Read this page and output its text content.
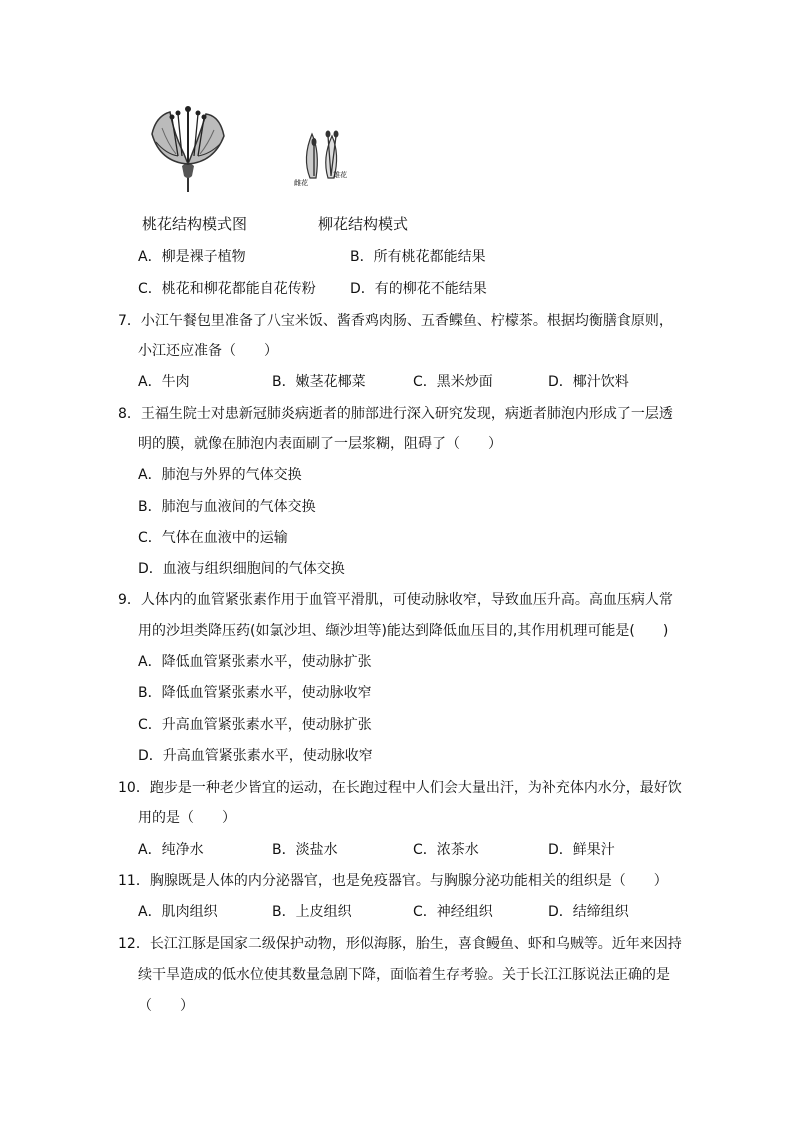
雌花
雄花
桃花结构模式图	柳花结构模式
A．柳是裸子植物	B．所有桃花都能结果
C．桃花和柳花都能自花传粉 D．有的柳花不能结果
7．小江午餐包里准备了八宝米饭、酱香鸡肉肠、五香鲽鱼、柠檬茶。根据均衡膳食原则，
小江还应准备（　　）
A．牛肉	B．嫩茎花椰菜	C．黑米炒面	D．椰汁饮料
8．王福生院士对患新冠肺炎病逝者的肺部进行深入研究发现，病逝者肺泡内形成了一层透
明的膜，就像在肺泡内表面刷了一层浆糊，阻碍了（　　）
A．肺泡与外界的气体交换
B．肺泡与血液间的气体交换
C．气体在血液中的运输
D．血液与组织细胞间的气体交换
9．人体内的血管紧张素作用于血管平滑肌，可使动脉收窄，导致血压升高。高血压病人常
用的沙坦类降压药(如氯沙坦、缬沙坦等)能达到降低血压目的,其作用机理可能是(　　)
A．降低血管紧张素水平，使动脉扩张
B．降低血管紧张素水平，使动脉收窄
C．升高血管紧张素水平，使动脉扩张
D．升高血管紧张素水平，使动脉收窄
10．跑步是一种老少皆宜的运动，在长跑过程中人们会大量出汗，为补充体内水分，最好饮
用的是（　　）
A．纯净水	B．淡盐水	C．浓茶水	D．鲜果汁
11．胸腺既是人体的内分泌器官，也是免疫器官。与胸腺分泌功能相关的组织是（　　）
A．肌肉组织	B．上皮组织	C．神经组织	D．结缔组织
12．长江江豚是国家二级保护动物，形似海豚，胎生，喜食鳗鱼、虾和乌贼等。近年来因持
续干旱造成的低水位使其数量急剧下降，面临着生存考验。关于长江江豚说法正确的是
（　　）
